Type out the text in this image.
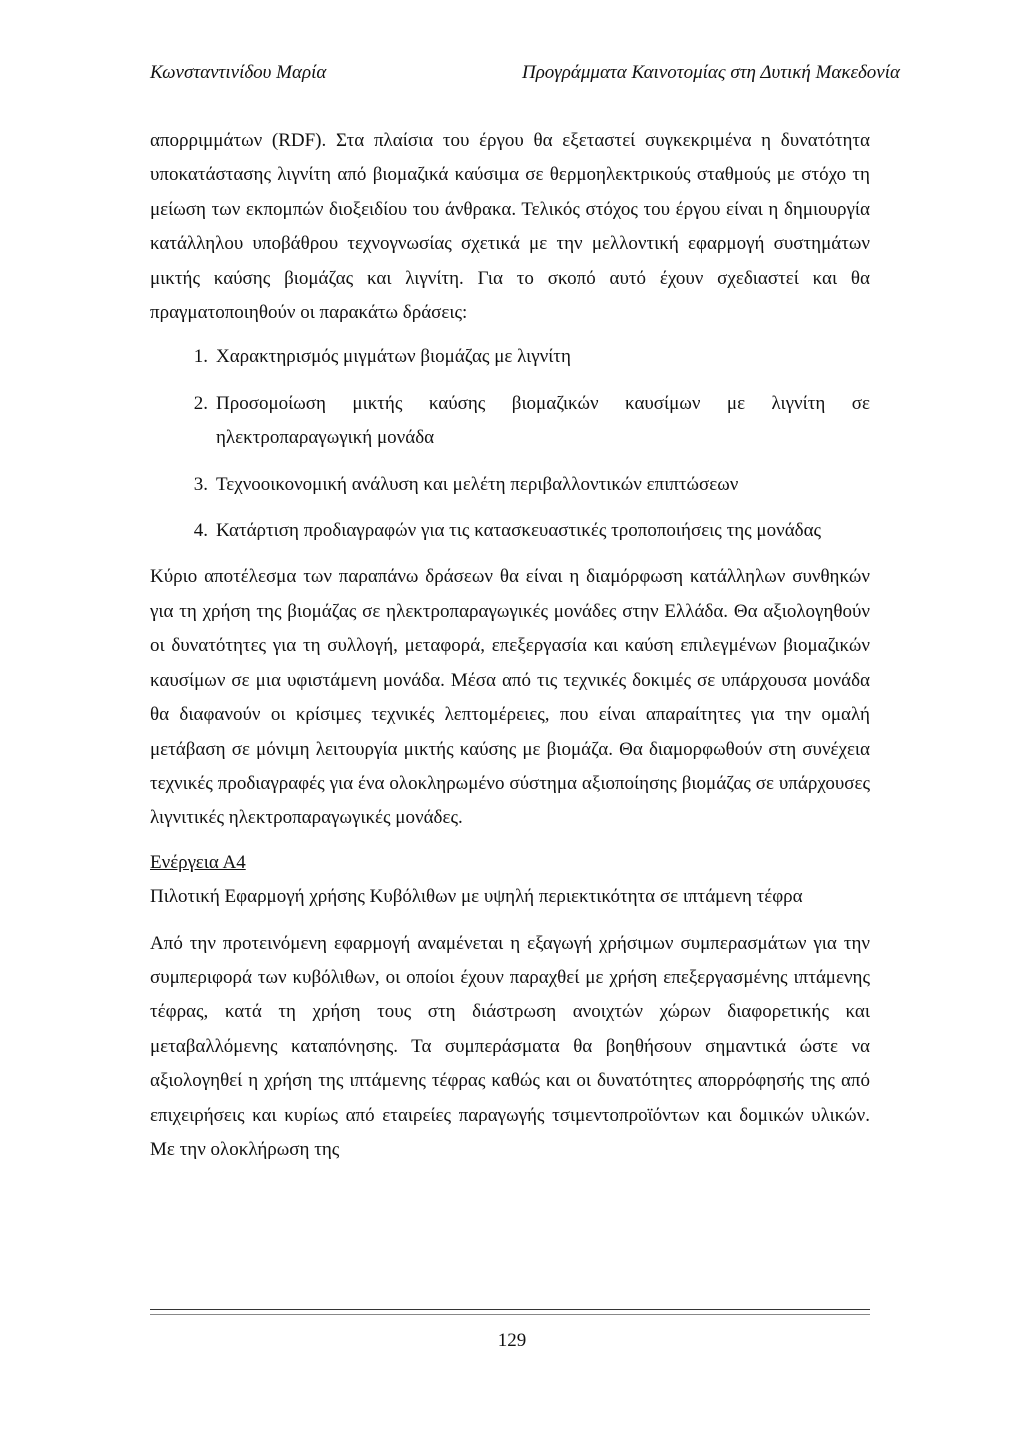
Κωνσταντινίδου Μαρία	Προγράμματα Καινοτομίας στη Δυτική Μακεδονία

απορριμμάτων (RDF). Στα πλαίσια του έργου θα εξεταστεί συγκεκριμένα η δυνατότητα υποκατάστασης λιγνίτη από βιομαζικά καύσιμα σε θερμοηλεκτρικούς σταθμούς με στόχο τη μείωση των εκπομπών διοξειδίου του άνθρακα. Τελικός στόχος του έργου είναι η δημιουργία κατάλληλου υποβάθρου τεχνογνωσίας σχετικά με την μελλοντική εφαρμογή συστημάτων μικτής καύσης βιομάζας και λιγνίτη. Για το σκοπό αυτό έχουν σχεδιαστεί και θα πραγματοποιηθούν οι παρακάτω δράσεις:

1. Χαρακτηρισμός μιγμάτων βιομάζας με λιγνίτη
2. Προσομοίωση μικτής καύσης βιομαζικών καυσίμων με λιγνίτη σε ηλεκτροπαραγωγική μονάδα
3. Τεχνοοικονομική ανάλυση και μελέτη περιβαλλοντικών επιπτώσεων
4. Κατάρτιση προδιαγραφών για τις κατασκευαστικές τροποποιήσεις της μονάδας

Κύριο αποτέλεσμα των παραπάνω δράσεων θα είναι η διαμόρφωση κατάλληλων συνθηκών για τη χρήση της βιομάζας σε ηλεκτροπαραγωγικές μονάδες στην Ελλάδα. Θα αξιολογηθούν οι δυνατότητες για τη συλλογή, μεταφορά, επεξεργασία και καύση επιλεγμένων βιομαζικών καυσίμων σε μια υφιστάμενη μονάδα. Μέσα από τις τεχνικές δοκιμές σε υπάρχουσα μονάδα θα διαφανούν οι κρίσιμες τεχνικές λεπτομέρειες, που είναι απαραίτητες για την ομαλή μετάβαση σε μόνιμη λειτουργία μικτής καύσης με βιομάζα. Θα διαμορφωθούν στη συνέχεια τεχνικές προδιαγραφές για ένα ολοκληρωμένο σύστημα αξιοποίησης βιομάζας σε υπάρχουσες λιγνιτικές ηλεκτροπαραγωγικές μονάδες.

Ενέργεια Α4
Πιλοτική Εφαρμογή χρήσης Κυβόλιθων με υψηλή περιεκτικότητα σε ιπτάμενη τέφρα

Από την προτεινόμενη εφαρμογή αναμένεται η εξαγωγή χρήσιμων συμπερασμάτων για την συμπεριφορά των κυβόλιθων, οι οποίοι έχουν παραχθεί με χρήση επεξεργασμένης ιπτάμενης τέφρας, κατά τη χρήση τους στη διάστρωση ανοιχτών χώρων διαφορετικής και μεταβαλλόμενης καταπόνησης. Τα συμπεράσματα θα βοηθήσουν σημαντικά ώστε να αξιολογηθεί η χρήση της ιπτάμενης τέφρας καθώς και οι δυνατότητες απορρόφησής της από επιχειρήσεις και κυρίως από εταιρείες παραγωγής τσιμεντοπροϊόντων και δομικών υλικών. Με την ολοκλήρωση της

129
